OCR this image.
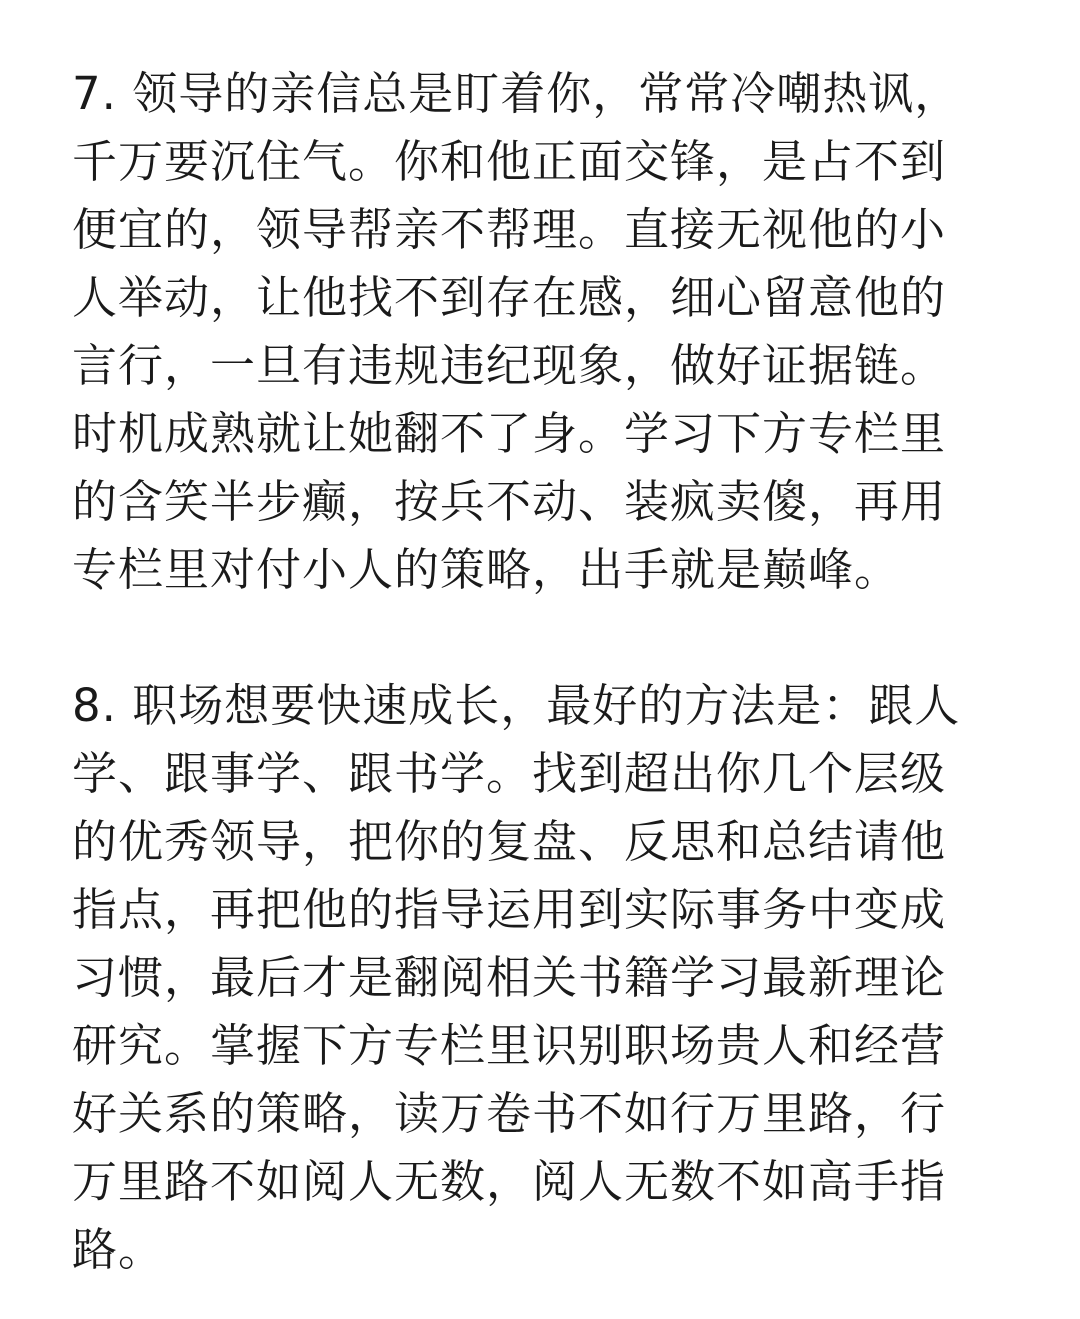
7. 领导的亲信总是盯着你，常常冷嘲热讽，千万要沉住气。你和他正面交锋，是占不到便宜的，领导帮亲不帮理。直接无视他的小人举动，让他找不到存在感，细心留意他的言行，一旦有违规违纪现象，做好证据链。时机成熟就让她翻不了身。学习下方专栏里的含笑半步癫，按兵不动、装疯卖傻，再用专栏里对付小人的策略，出手就是巅峰。

8. 职场想要快速成长，最好的方法是：跟人学、跟事学、跟书学。找到超出你几个层级的优秀领导，把你的复盘、反思和总结请他指点，再把他的指导运用到实际事务中变成习惯，最后才是翻阅相关书籍学习最新理论研究。掌握下方专栏里识别职场贵人和经营好关系的策略，读万卷书不如行万里路，行万里路不如阅人无数，阅人无数不如高手指路。
